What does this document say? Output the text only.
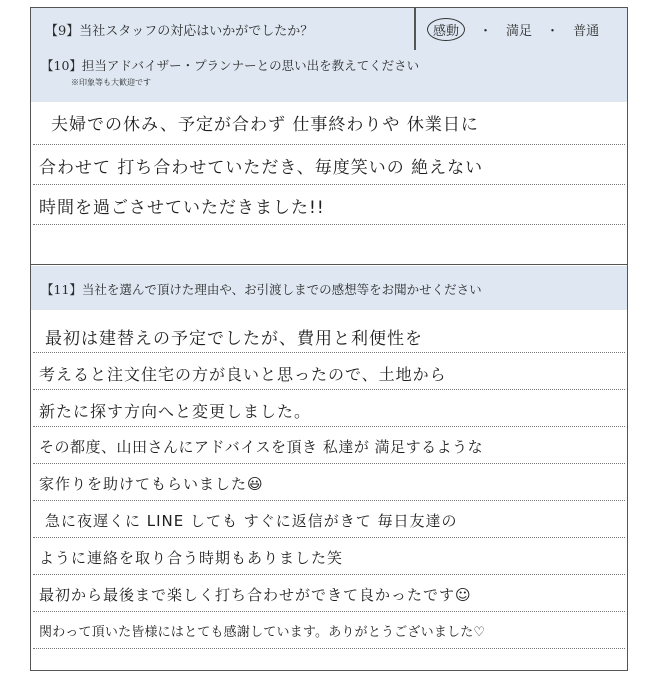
【9】当社スタッフの対応はいかがでしたか？	感動	・ 満足 ・ 普通
【10】担当アドバイザー・プランナーとの思い出を教えてください
※印象等も大歓迎です
夫婦での休み、予定が合わず 仕事終わりや 休業日に
合わせて 打ち合わせていただき、毎度笑いの 絶えない
時間を過ごさせていただきました!!
【11】当社を選んで頂けた理由や、お引渡しまでの感想等をお聞かせください
最初は建替えの予定でしたが、費用と利便性を
考えると注文住宅の方が良いと思ったので、土地から
新たに探す方向へと変更しました。
その都度、山田さんにアドバイスを頂き 私達が 満足するような
家作りを助けてもらいました😃
急に夜遅くに LINE しても すぐに返信がきて 毎日友達の
ように連絡を取り合う時期もありました笑
最初から最後まで楽しく打ち合わせができて良かったです☺
関わって頂いた皆様にはとても感謝しています。ありがとうございました♡
